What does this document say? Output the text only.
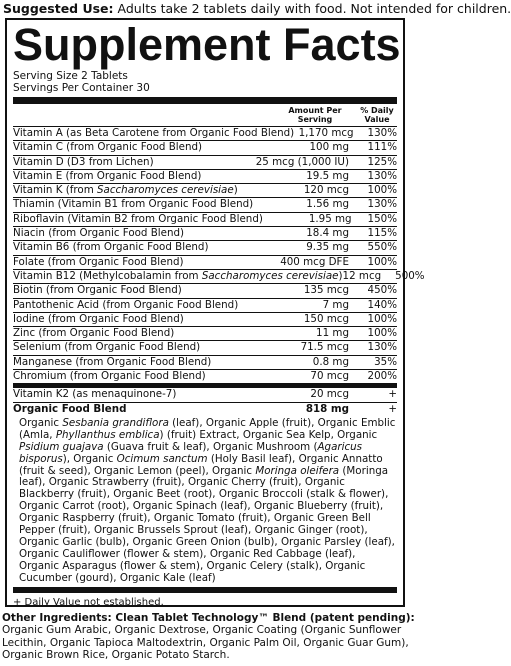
Suggested Use: Adults take 2 tablets daily with food. Not intended for children.
Supplement Facts
Serving Size 2 Tablets
Servings Per Container 30
Amount Per Serving
% Daily Value
Vitamin A (as Beta Carotene from Organic Food Blend) 1,170 mcg	130%
Vitamin C (from Organic Food Blend)	100 mg	111%
Vitamin D (D3 from Lichen)	25 mcg (1,000 IU)	125%
Vitamin E (from Organic Food Blend)	19.5 mg	130%
Vitamin K (from Saccharomyces cerevisiae)	120 mcg	100%
Thiamin (Vitamin B1 from Organic Food Blend)	1.56 mg	130%
Riboflavin (Vitamin B2 from Organic Food Blend)	1.95 mg	150%
Niacin (from Organic Food Blend)	18.4 mg	115%
Vitamin B6 (from Organic Food Blend)	9.35 mg	550%
Folate (from Organic Food Blend)	400 mcg DFE	100%
Vitamin B12 (Methylcobalamin from Saccharomyces cerevisiae) 12 mcg	500%
Biotin (from Organic Food Blend)	135 mcg	450%
Pantothenic Acid (from Organic Food Blend)	7 mg	140%
Iodine (from Organic Food Blend)	150 mcg	100%
Zinc (from Organic Food Blend)	11 mg	100%
Selenium (from Organic Food Blend)	71.5 mcg	130%
Manganese (from Organic Food Blend)	0.8 mg	35%
Chromium (from Organic Food Blend)	70 mcg	200%
Vitamin K2 (as menaquinone-7)	20 mcg	+
Organic Food Blend	818 mg	+
Organic Sesbania grandiflora (leaf), Organic Apple (fruit), Organic Emblic (Amla, Phyllanthus emblica) (fruit) Extract, Organic Sea Kelp, Organic Psidium guajava (Guava fruit & leaf), Organic Mushroom (Agaricus bisporus), Organic Ocimum sanctum (Holy Basil leaf), Organic Annatto (fruit & seed), Organic Lemon (peel), Organic Moringa oleifera (Moringa leaf), Organic Strawberry (fruit), Organic Cherry (fruit), Organic Blackberry (fruit), Organic Beet (root), Organic Broccoli (stalk & flower), Organic Carrot (root), Organic Spinach (leaf), Organic Blueberry (fruit), Organic Raspberry (fruit), Organic Tomato (fruit), Organic Green Bell Pepper (fruit), Organic Brussels Sprout (leaf), Organic Ginger (root), Organic Garlic (bulb), Organic Green Onion (bulb), Organic Parsley (leaf), Organic Cauliflower (flower & stem), Organic Red Cabbage (leaf), Organic Asparagus (flower & stem), Organic Celery (stalk), Organic Cucumber (gourd), Organic Kale (leaf)
+ Daily Value not established.
Other Ingredients: Clean Tablet Technology™ Blend (patent pending): Organic Gum Arabic, Organic Dextrose, Organic Coating (Organic Sunflower Lecithin, Organic Tapioca Maltodextrin, Organic Palm Oil, Organic Guar Gum), Organic Brown Rice, Organic Potato Starch.
